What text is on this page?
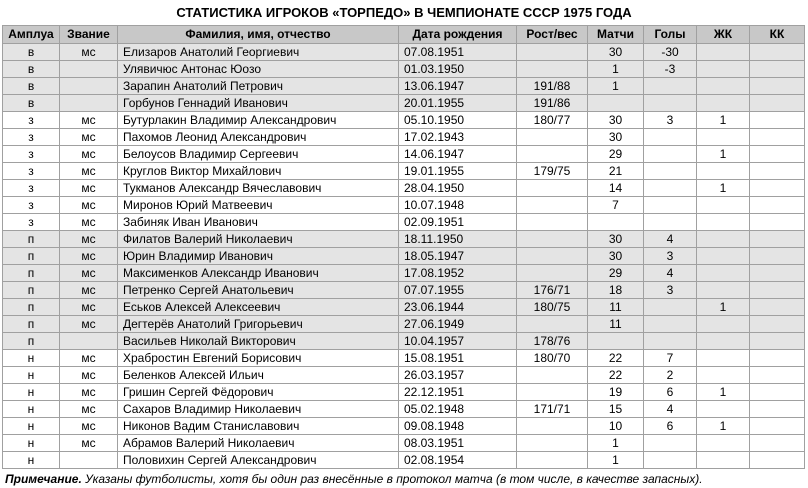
СТАТИСТИКА ИГРОКОВ «ТОРПЕДО» В ЧЕМПИОНАТЕ СССР 1975 ГОДА
Амплуа	Звание	Фамилия, имя, отчество	Дата рождения	Рост/вес	Матчи	Голы	ЖК	КК
в	мс	Елизаров Анатолий Георгиевич	07.08.1951		30	-30		
в		Улявичюс Антонас Юозо	01.03.1950		1	-3		
в		Зарапин Анатолий Петрович	13.06.1947	191/88	1			
в		Горбунов Геннадий Иванович	20.01.1955	191/86				
з	мс	Бутурлакин Владимир Александрович	05.10.1950	180/77	30	3	1	
з	мс	Пахомов Леонид Александрович	17.02.1943		30			
з	мс	Белоусов Владимир Сергеевич	14.06.1947		29		1	
з	мс	Круглов Виктор Михайлович	19.01.1955	179/75	21			
з	мс	Тукманов Александр Вячеславович	28.04.1950		14		1	
з	мс	Миронов Юрий Матвеевич	10.07.1948		7			
з	мс	Забиняк Иван Иванович	02.09.1951					
п	мс	Филатов Валерий Николаевич	18.11.1950		30	4		
п	мс	Юрин Владимир Иванович	18.05.1947		30	3		
п	мс	Максименков Александр Иванович	17.08.1952		29	4		
п	мс	Петренко Сергей Анатольевич	07.07.1955	176/71	18	3		
п	мс	Еськов Алексей Алексеевич	23.06.1944	180/75	11		1	
п	мс	Дегтерёв Анатолий Григорьевич	27.06.1949		11			
п		Васильев Николай Викторович	10.04.1957	178/76				
н	мс	Храбростин Евгений Борисович	15.08.1951	180/70	22	7		
н	мс	Беленков Алексей Ильич	26.03.1957		22	2		
н	мс	Гришин Сергей Фёдорович	22.12.1951		19	6	1	
н	мс	Сахаров Владимир Николаевич	05.02.1948	171/71	15	4		
н	мс	Никонов Вадим Станиславович	09.08.1948		10	6	1	
н	мс	Абрамов Валерий Николаевич	08.03.1951		1			
н		Половихин Сергей Александрович	02.08.1954		1			
Примечание. Указаны футболисты, хотя бы один раз внесённые в протокол матча (в том числе, в качестве запасных).
